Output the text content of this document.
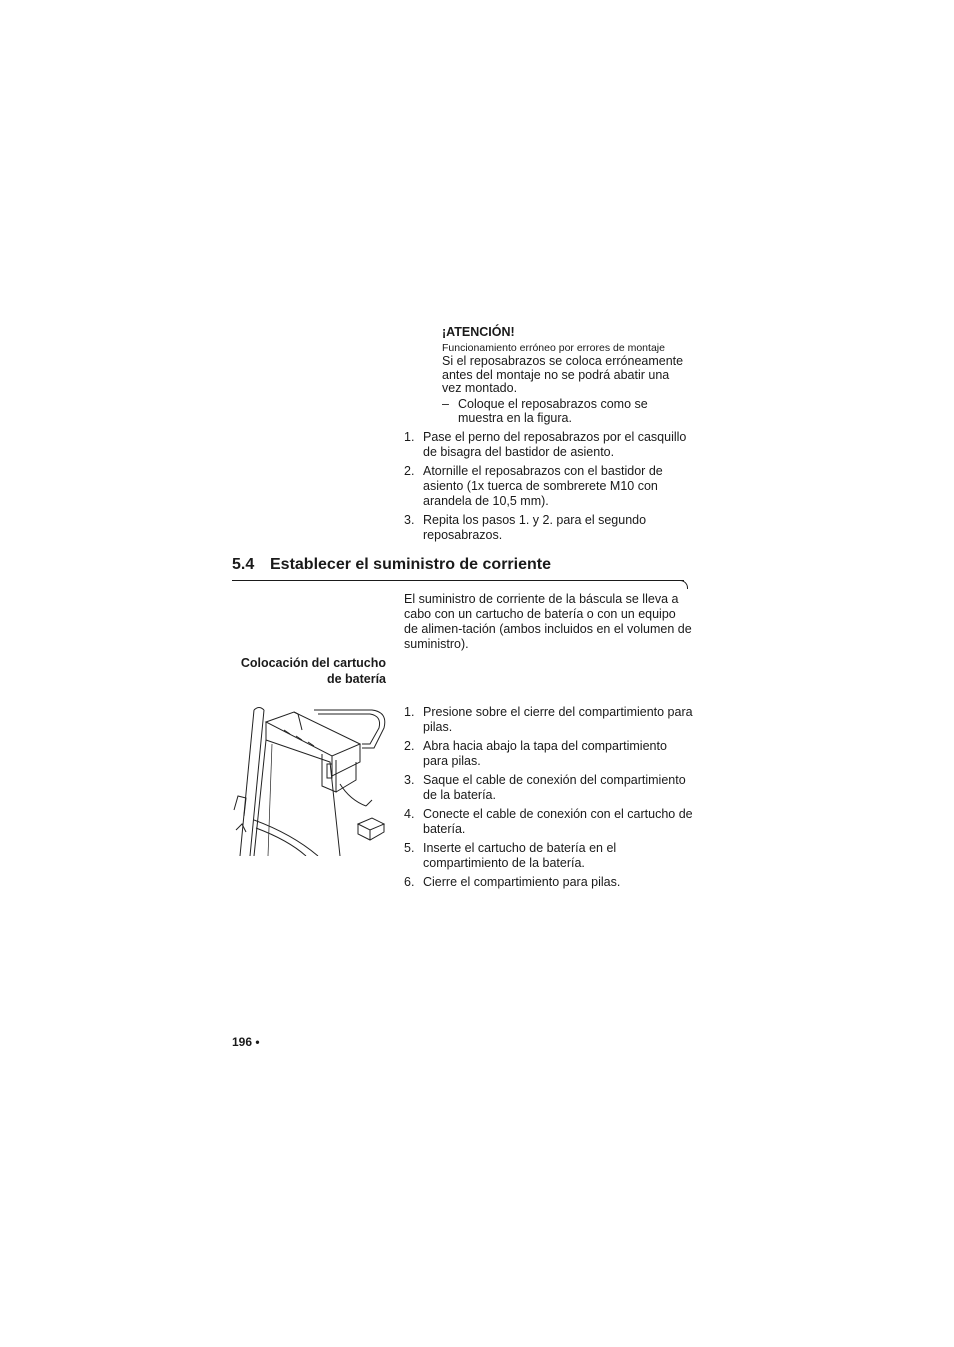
¡ATENCIÓN!
Funcionamiento erróneo por errores de montaje
Si el reposabrazos se coloca erróneamente antes del montaje no se podrá abatir una vez montado.
– Coloque el reposabrazos como se muestra en la figura.
1. Pase el perno del reposabrazos por el casquillo de bisagra del bastidor de asiento.
2. Atornille el reposabrazos con el bastidor de asiento (1x tuerca de sombrerete M10 con arandela de 10,5 mm).
3. Repita los pasos 1. y 2. para el segundo reposabrazos.
5.4 Establecer el suministro de corriente
El suministro de corriente de la báscula se lleva a cabo con un cartucho de batería o con un equipo de alimen-tación (ambos incluidos en el volumen de suministro).
Colocación del cartucho de batería
1. Presione sobre el cierre del compartimiento para pilas.
2. Abra hacia abajo la tapa del compartimiento para pilas.
3. Saque el cable de conexión del compartimiento de la batería.
4. Conecte el cable de conexión con el cartucho de batería.
5. Inserte el cartucho de batería en el compartimiento de la batería.
6. Cierre el compartimiento para pilas.
196 •
